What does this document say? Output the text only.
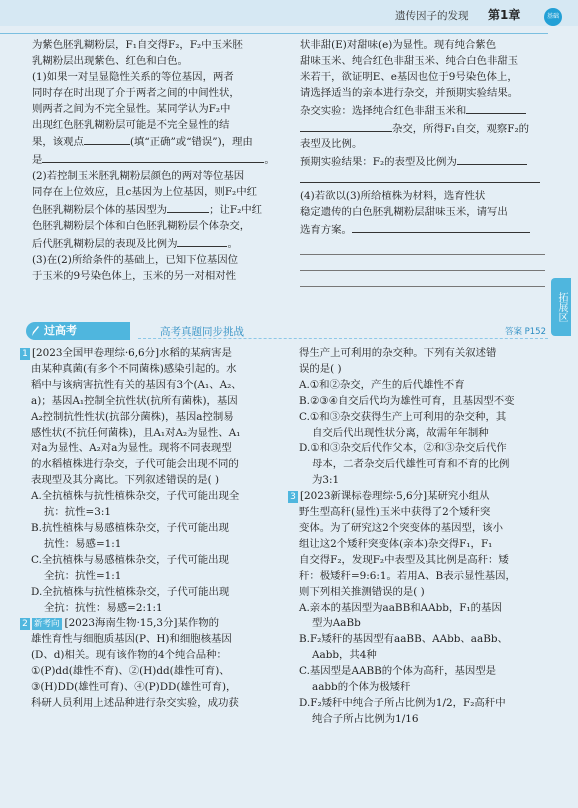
遗传因子的发现 第1章	基础
拓展区

为紫色胚乳糊粉层，F₁自交得F₂，F₂中玉米胚

乳糊粉层出现紫色、红色和白色。

(1)如果一对呈显隐性关系的等位基因，两者

同时存在时出现了介于两者之间的中间性状，

则两者之间为不完全显性。某同学认为F₂中

出现红色胚乳糊粉层可能是不完全显性的结

果，该观点	(填“正确”或“错误”)，理由

是	。

(2)若控制玉米胚乳糊粉层颜色的两对等位基因

同存在上位效应，且c基因为上位基因，则F₂中红

色胚乳糊粉层个体的基因型为	；让F₂中红

色胚乳糊粉层个体和白色胚乳糊粉层个体杂交，

后代胚乳糊粉层的表现及比例为	。

(3)在(2)所给条件的基础上，已知下位基因位

于玉米的9号染色体上，玉米的另一对相对性

状非甜(E)对甜味(e)为显性。现有纯合紫色

甜味玉米、纯合红色非甜玉米、纯合白色非甜玉

米若干，欲证明E、e基因也位于9号染色体上，

请选择适当的亲本进行杂交，并预期实验结果。

杂交实验：选择纯合红色非甜玉米和

杂交，所得F₁自交，观察F₂的

表型及比例。

预期实验结果：F₂的表型及比例为

(4)若欲以(3)所给植株为材料，选育性状

稳定遗传的白色胚乳糊粉层甜味玉米，请写出

选育方案。

过高考	高考真题同步挑战	答案 P152

1 [2023全国甲卷理综·6,6分]水稻的某病害是

由某种真菌(有多个不同菌株)感染引起的。水

稻中与该病害抗性有关的基因有3个(A₁、A₂、

a)；基因A₁控制全抗性状(抗所有菌株)，基因

A₂控制抗性性状(抗部分菌株)，基因a控制易

感性状(不抗任何菌株)，且A₁对A₂为显性、A₁

对a为显性、A₂对a为显性。现将不同表现型

的水稻植株进行杂交，子代可能会出现不同的

表现型及其分离比。下列叙述错误的是( )

A.全抗植株与抗性植株杂交，子代可能出现全

抗：抗性=3:1

B.抗性植株与易感植株杂交，子代可能出现

抗性：易感=1:1

C.全抗植株与易感植株杂交，子代可能出现

全抗：抗性=1:1

D.全抗植株与抗性植株杂交，子代可能出现

全抗：抗性：易感=2:1:1

2 新考向 [2023海南生物·15,3分]某作物的

雄性育性与细胞质基因(P、H)和细胞核基因

(D、d)相关。现有该作物的4个纯合品种：

①(P)dd(雄性不育)、②(H)dd(雄性可育)、

③(H)DD(雄性可育)、④(P)DD(雄性可育)，

科研人员利用上述品种进行杂交实验，成功获

得生产上可利用的杂交种。下列有关叙述错

误的是( )

A.①和②杂交，产生的后代雄性不育

B.②③④自交后代均为雄性可育，且基因型不变

C.①和③杂交获得生产上可利用的杂交种，其

自交后代出现性状分离，故需年年制种

D.①和③杂交后代作父本，②和③杂交后代作

母本，二者杂交后代雄性可育和不育的比例

为3:1

3 [2023新课标卷理综·5,6分]某研究小组从

野生型高秆(显性)玉米中获得了2个矮秆突

变体。为了研究这2个突变体的基因型，该小

组让这2个矮秆突变体(亲本)杂交得F₁，F₁

自交得F₂，发现F₂中表型及其比例是高秆：矮

秆：极矮秆=9:6:1。若用A、B表示显性基因，

则下列相关推测错误的是( )

A.亲本的基因型为aaBB和AAbb，F₁的基因

型为AaBb

B.F₂矮秆的基因型有aaBB、AAbb、aaBb、

Aabb，共4种

C.基因型是AABB的个体为高秆，基因型是

aabb的个体为极矮秆

D.F₂矮秆中纯合子所占比例为1/2，F₂高秆中

纯合子所占比例为1/16
